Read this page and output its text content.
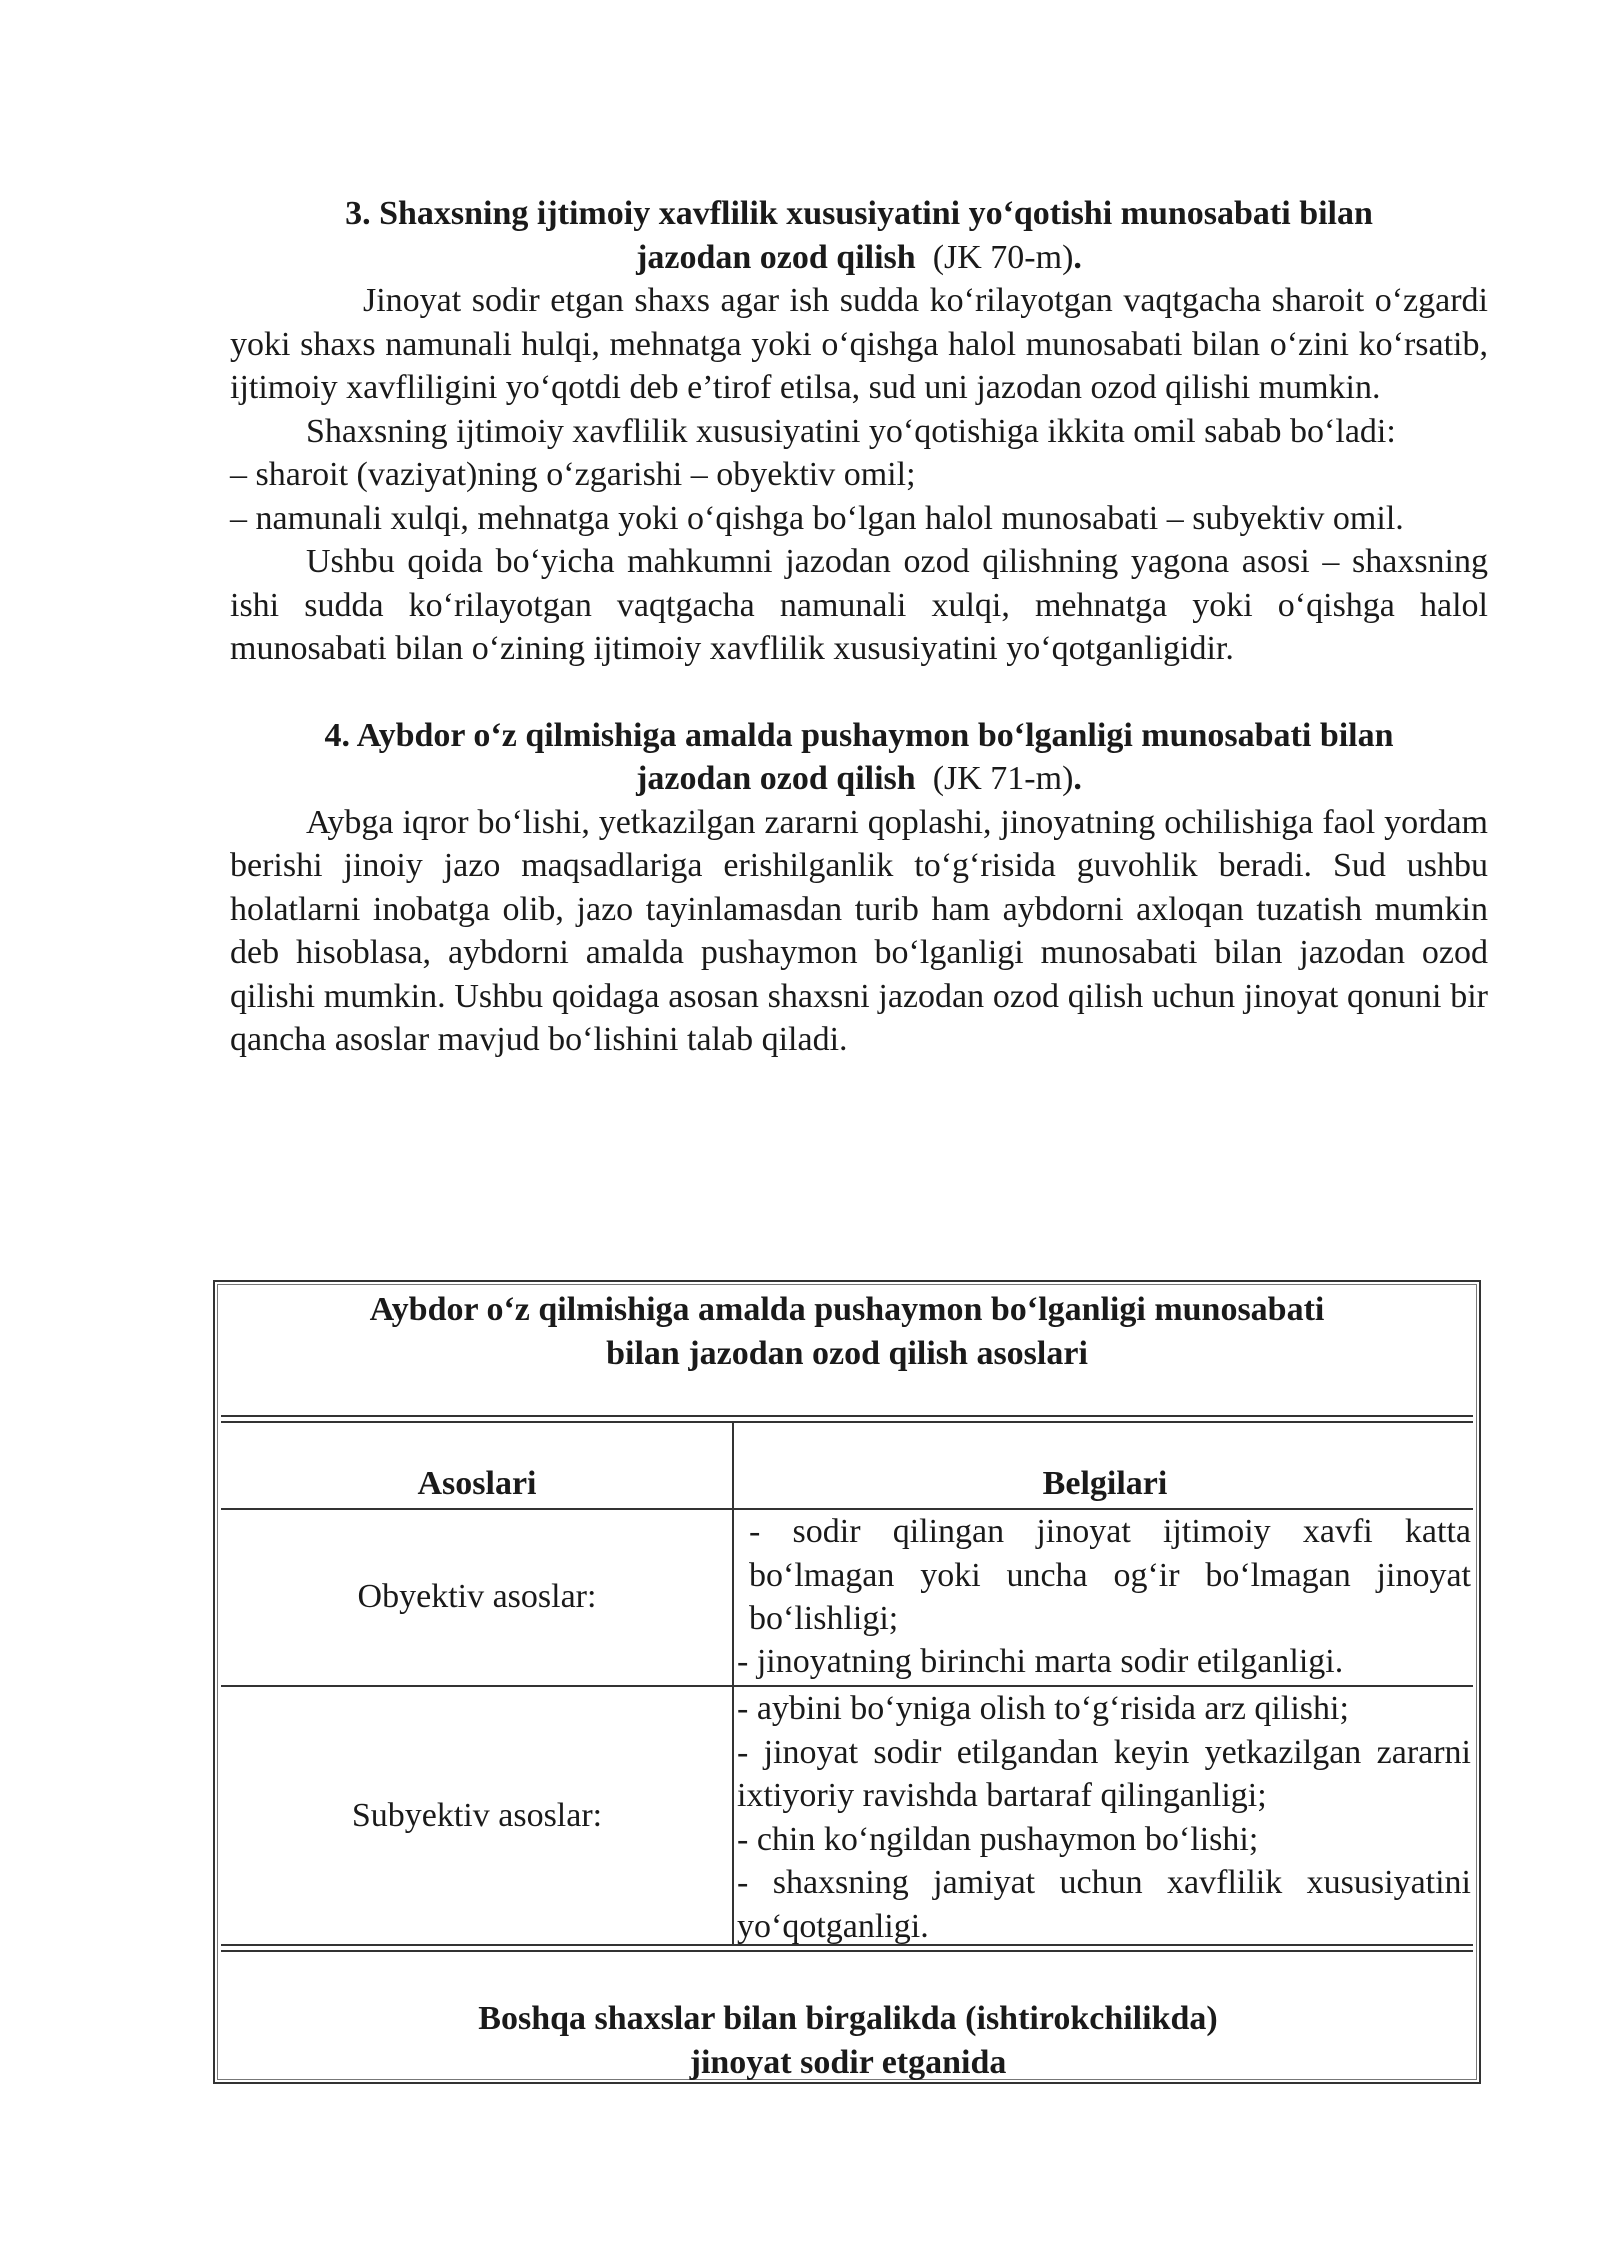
3. Shaxsning ijtimoiy xavflilik xususiyatini yo‘qotishi munosabati bilan
jazodan ozod qilish (JK 70-m).

Jinoyat sodir etgan shaxs agar ish sudda ko‘rilayotgan vaqtgacha sharoit o‘zgardi yoki shaxs namunali hulqi, mehnatga yoki o‘qishga halol munosabati bilan o‘zini ko‘rsatib, ijtimoiy xavfliligini yo‘qotdi deb e’tirof etilsa, sud uni jazodan ozod qilishi mumkin.

Shaxsning ijtimoiy xavflilik xususiyatini yo‘qotishiga ikkita omil sabab bo‘ladi:

– sharoit (vaziyat)ning o‘zgarishi – obyektiv omil;

– namunali xulqi, mehnatga yoki o‘qishga bo‘lgan halol munosabati – subyektiv omil.

Ushbu qoida bo‘yicha mahkumni jazodan ozod qilishning yagona asosi – shaxsning ishi sudda ko‘rilayotgan vaqtgacha namunali xulqi, mehnatga yoki o‘qishga halol munosabati bilan o‘zining ijtimoiy xavflilik xususiyatini yo‘qotganligidir.

4. Aybdor o‘z qilmishiga amalda pushaymon bo‘lganligi munosabati bilan
jazodan ozod qilish (JK 71-m).

Aybga iqror bo‘lishi, yetkazilgan zararni qoplashi, jinoyatning ochilishiga faol yordam berishi jinoiy jazo maqsadlariga erishilganlik to‘g‘risida guvohlik beradi. Sud ushbu holatlarni inobatga olib, jazo tayinlamasdan turib ham aybdorni axloqan tuzatish mumkin deb hisoblasa, aybdorni amalda pushaymon bo‘lganligi munosabati bilan jazodan ozod qilishi mumkin. Ushbu qoidaga asosan shaxsni jazodan ozod qilish uchun jinoyat qonuni bir qancha asoslar mavjud bo‘lishini talab qiladi.

Aybdor o‘z qilmishiga amalda pushaymon bo‘lganligi munosabati
bilan jazodan ozod qilish asoslari
Asoslari	Belgilari
Obyektiv asoslar:
- sodir qilingan jinoyat ijtimoiy xavfi katta bo‘lmagan yoki uncha og‘ir bo‘lmagan jinoyat bo‘lishligi;
- jinoyatning birinchi marta sodir etilganligi.
Subyektiv asoslar:
- aybini bo‘yniga olish to‘g‘risida arz qilishi;
- jinoyat sodir etilgandan keyin yetkazilgan zararni ixtiyoriy ravishda bartaraf qilinganligi;
- chin ko‘ngildan pushaymon bo‘lishi;
- shaxsning jamiyat uchun xavflilik xususiyatini yo‘qotganligi.
Boshqa shaxslar bilan birgalikda (ishtirokchilikda)
jinoyat sodir etganida
